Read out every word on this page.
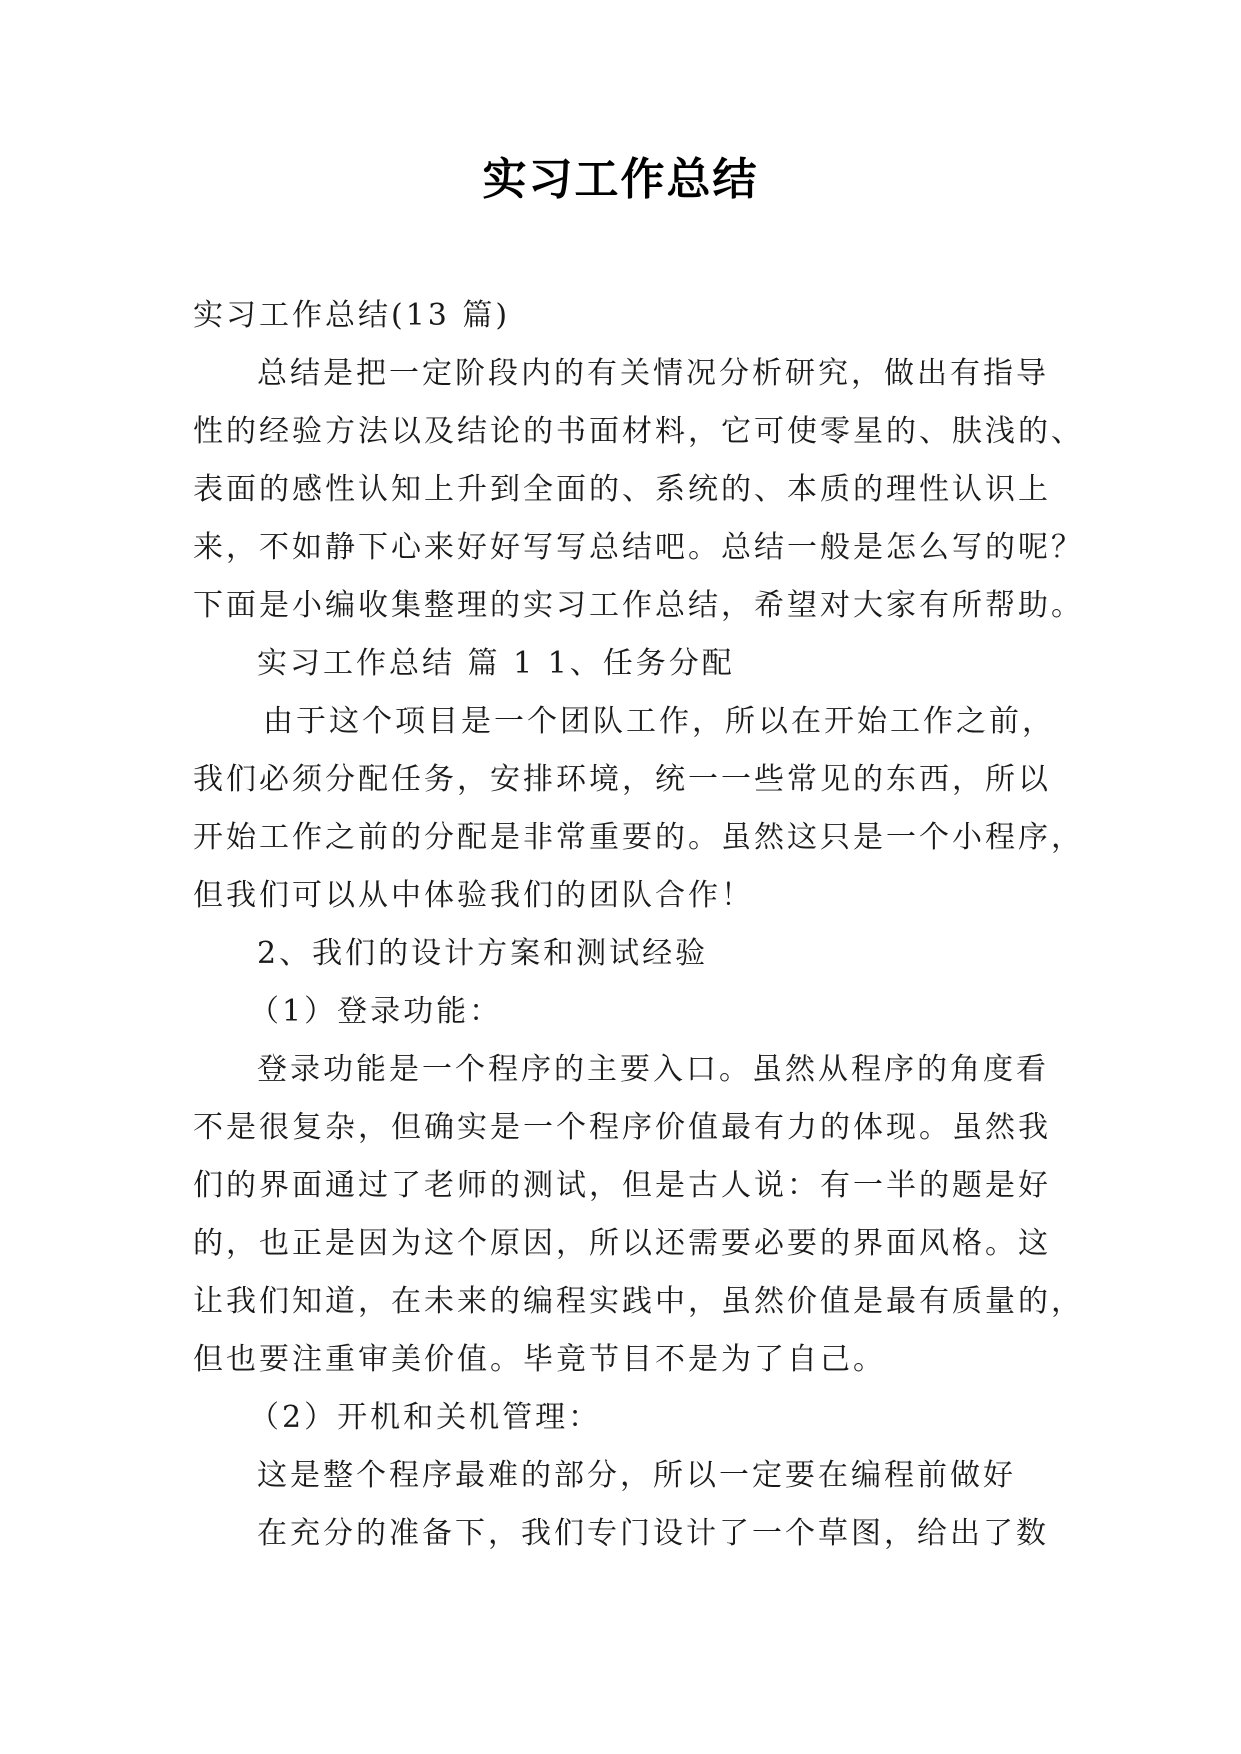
实习工作总结
实习工作总结(13 篇)
总结是把一定阶段内的有关情况分析研究，做出有指导
性的经验方法以及结论的书面材料，它可使零星的、肤浅的、
表面的感性认知上升到全面的、系统的、本质的理性认识上
来，不如静下心来好好写写总结吧。总结一般是怎么写的呢？
下面是小编收集整理的实习工作总结，希望对大家有所帮助。
实习工作总结 篇 1 1、任务分配
由于这个项目是一个团队工作，所以在开始工作之前，
我们必须分配任务，安排环境，统一一些常见的东西，所以
开始工作之前的分配是非常重要的。虽然这只是一个小程序，
但我们可以从中体验我们的团队合作！
2、我们的设计方案和测试经验
（1）登录功能：
登录功能是一个程序的主要入口。虽然从程序的角度看
不是很复杂，但确实是一个程序价值最有力的体现。虽然我
们的界面通过了老师的测试，但是古人说：有一半的题是好
的，也正是因为这个原因，所以还需要必要的界面风格。这
让我们知道，在未来的编程实践中，虽然价值是最有质量的，
但也要注重审美价值。毕竟节目不是为了自己。
（2）开机和关机管理：
这是整个程序最难的部分，所以一定要在编程前做好
在充分的准备下，我们专门设计了一个草图，给出了数
